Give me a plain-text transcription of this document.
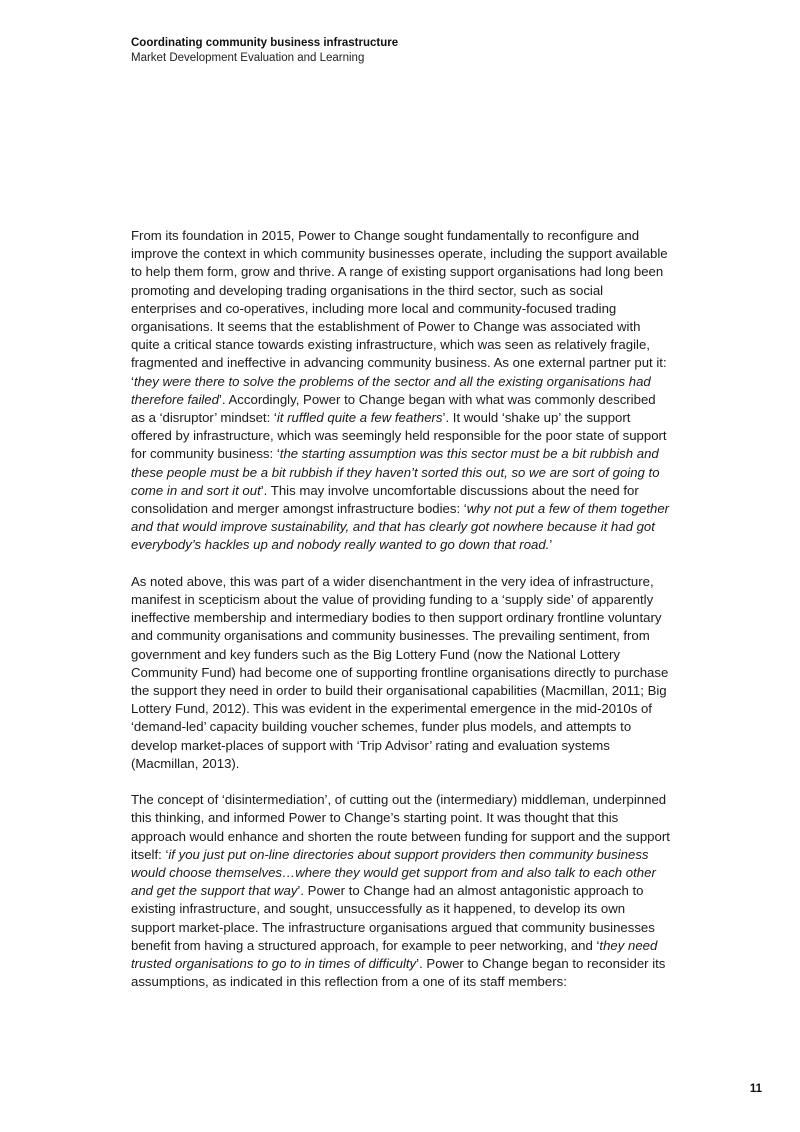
Coordinating community business infrastructure
Market Development Evaluation and Learning

From its foundation in 2015, Power to Change sought fundamentally to reconfigure and improve the context in which community businesses operate, including the support available to help them form, grow and thrive. A range of existing support organisations had long been promoting and developing trading organisations in the third sector, such as social enterprises and co-operatives, including more local and community-focused trading organisations. It seems that the establishment of Power to Change was associated with quite a critical stance towards existing infrastructure, which was seen as relatively fragile, fragmented and ineffective in advancing community business. As one external partner put it: ‘they were there to solve the problems of the sector and all the existing organisations had therefore failed’. Accordingly, Power to Change began with what was commonly described as a ‘disruptor’ mindset: ‘it ruffled quite a few feathers’. It would ‘shake up’ the support offered by infrastructure, which was seemingly held responsible for the poor state of support for community business: ‘the starting assumption was this sector must be a bit rubbish and these people must be a bit rubbish if they haven’t sorted this out, so we are sort of going to come in and sort it out’. This may involve uncomfortable discussions about the need for consolidation and merger amongst infrastructure bodies: ‘why not put a few of them together and that would improve sustainability, and that has clearly got nowhere because it had got everybody’s hackles up and nobody really wanted to go down that road.’

As noted above, this was part of a wider disenchantment in the very idea of infrastructure, manifest in scepticism about the value of providing funding to a ‘supply side’ of apparently ineffective membership and intermediary bodies to then support ordinary frontline voluntary and community organisations and community businesses. The prevailing sentiment, from government and key funders such as the Big Lottery Fund (now the National Lottery Community Fund) had become one of supporting frontline organisations directly to purchase the support they need in order to build their organisational capabilities (Macmillan, 2011; Big Lottery Fund, 2012). This was evident in the experimental emergence in the mid-2010s of ‘demand-led’ capacity building voucher schemes, funder plus models, and attempts to develop market-places of support with ‘Trip Advisor’ rating and evaluation systems (Macmillan, 2013).

The concept of ‘disintermediation’, of cutting out the (intermediary) middleman, underpinned this thinking, and informed Power to Change’s starting point. It was thought that this approach would enhance and shorten the route between funding for support and the support itself: ‘if you just put on-line directories about support providers then community business would choose themselves…where they would get support from and also talk to each other and get the support that way’. Power to Change had an almost antagonistic approach to existing infrastructure, and sought, unsuccessfully as it happened, to develop its own support market-place. The infrastructure organisations argued that community businesses benefit from having a structured approach, for example to peer networking, and ‘they need trusted organisations to go to in times of difficulty’. Power to Change began to reconsider its assumptions, as indicated in this reflection from a one of its staff members:

11
